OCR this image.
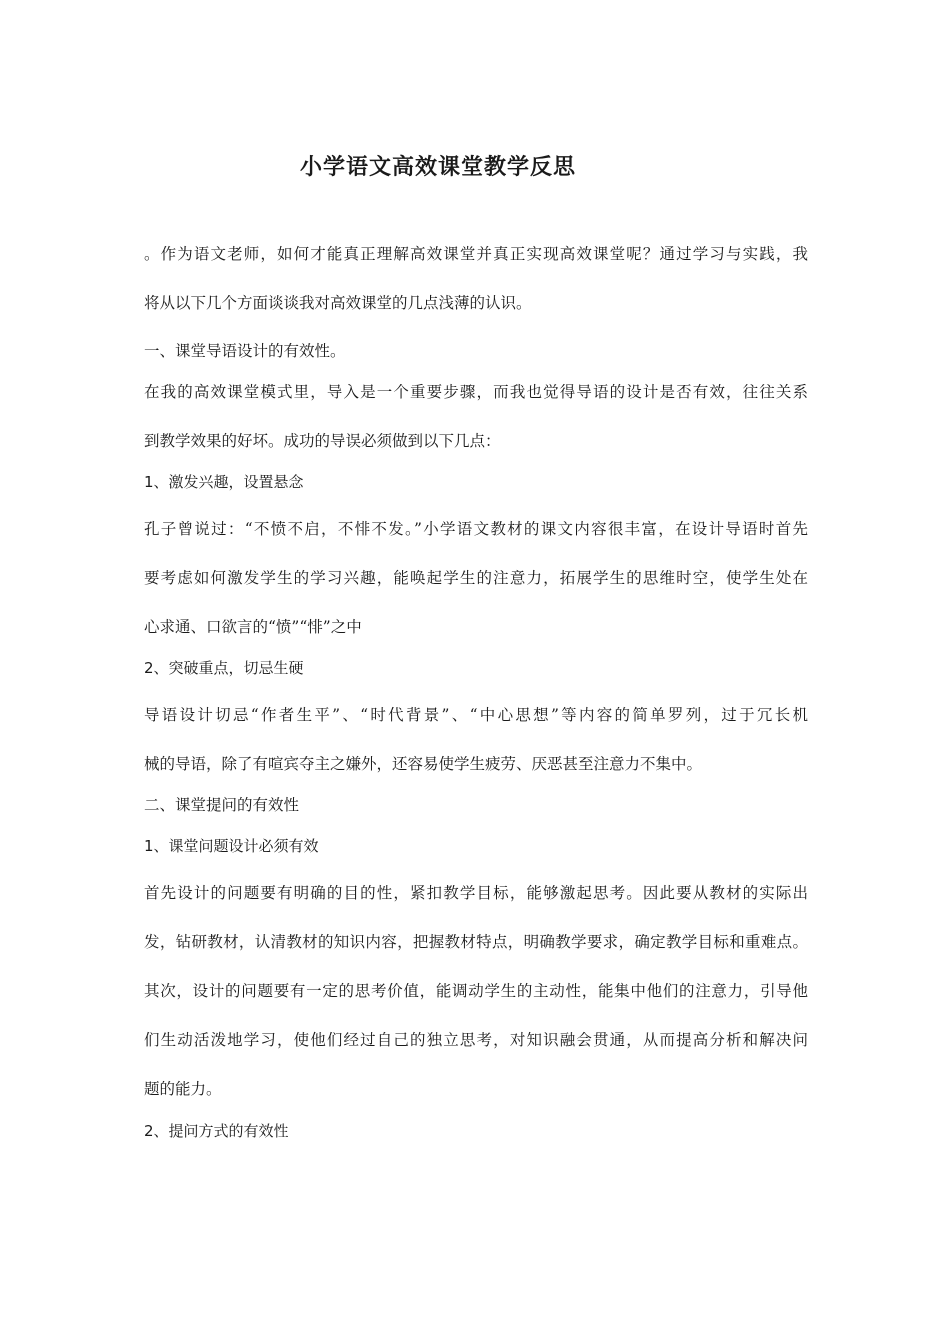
小学语文高效课堂教学反思
。作为语文老师，如何才能真正理解高效课堂并真正实现高效课堂呢？通过学习与实践，我
将从以下几个方面谈谈我对高效课堂的几点浅薄的认识。
一、课堂导语设计的有效性。
在我的高效课堂模式里，导入是一个重要步骤，而我也觉得导语的设计是否有效，往往关系
到教学效果的好坏。成功的导误必须做到以下几点：
1、激发兴趣，设置悬念
孔子曾说过：“不愤不启，不悱不发。”小学语文教材的课文内容很丰富，在设计导语时首先
要考虑如何激发学生的学习兴趣，能唤起学生的注意力，拓展学生的思维时空，使学生处在
心求通、口欲言的“愤”“悱”之中
2、突破重点，切忌生硬
导语设计切忌“作者生平”、“时代背景”、“中心思想”等内容的简单罗列，过于冗长机
械的导语，除了有喧宾夺主之嫌外，还容易使学生疲劳、厌恶甚至注意力不集中。
二、课堂提问的有效性
1、课堂问题设计必须有效
首先设计的问题要有明确的目的性，紧扣教学目标，能够激起思考。因此要从教材的实际出
发，钻研教材，认清教材的知识内容，把握教材特点，明确教学要求，确定教学目标和重难点。
其次，设计的问题要有一定的思考价值，能调动学生的主动性，能集中他们的注意力，引导他
们生动活泼地学习，使他们经过自己的独立思考，对知识融会贯通，从而提高分析和解决问
题的能力。
2、提问方式的有效性
